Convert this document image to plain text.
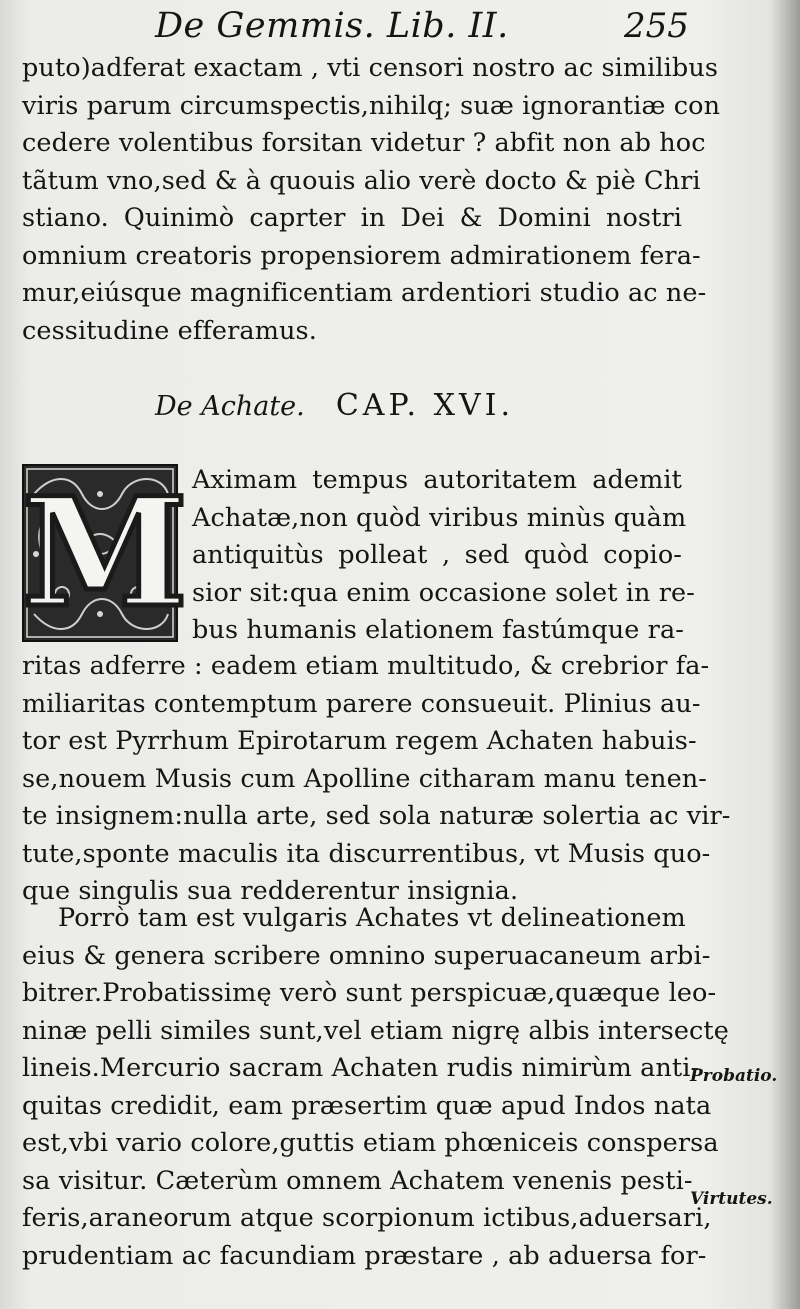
De Gemmis. Lib. II.	255
puto)adferat exactam , vti censori nostro ac similibus
viris parum circumspectis,nihilq; suæ ignorantiæ con
cedere volentibus forsitan videtur ? abfit non ab hoc
tãtum vno,sed & à quouis alio verè docto & piè Chri
stiano. Quinimò caprter in Dei & Domini nostri
omnium creatoris propensiorem admirationem fera-
mur,eiúsque magnificentiam ardentiori studio ac ne-
cessitudine efferamus.
De Achate. CAP. XVI.
M Aximam tempus autoritatem ademit
Achatæ,non quòd viribus minùs quàm
antiquitùs polleat , sed quòd copio-
sior sit:qua enim occasione solet in re-
bus humanis elationem fastúmque ra-
ritas adferre : eadem etiam multitudo, & crebrior fa-
miliaritas contemptum parere consueuit. Plinius au-
tor est Pyrrhum Epirotarum regem Achaten habuis-
se,nouem Musis cum Apolline citharam manu tenen-
te insignem:nulla arte, sed sola naturæ solertia ac vir-
tute,sponte maculis ita discurrentibus, vt Musis quo-
que singulis sua redderentur insignia.
Porrò tam est vulgaris Achates vt delineationem
eius & genera scribere omnino superuacaneum arbi-
bitrer.Probatissimę verò sunt perspicuæ,quæque leo-
ninæ pelli similes sunt,vel etiam nigrę albis intersectę
lineis.Mercurio sacram Achaten rudis nimirùm anti-
quitas credidit, eam præsertim quæ apud Indos nata
est,vbi vario colore,guttis etiam phœniceis conspersa
sa visitur. Cæterùm omnem Achatem venenis pesti-
feris,araneorum atque scorpionum ictibus,aduersari,
prudentiam ac facundiam præstare , ab aduersa for-
Probatio.
Virtutes.
